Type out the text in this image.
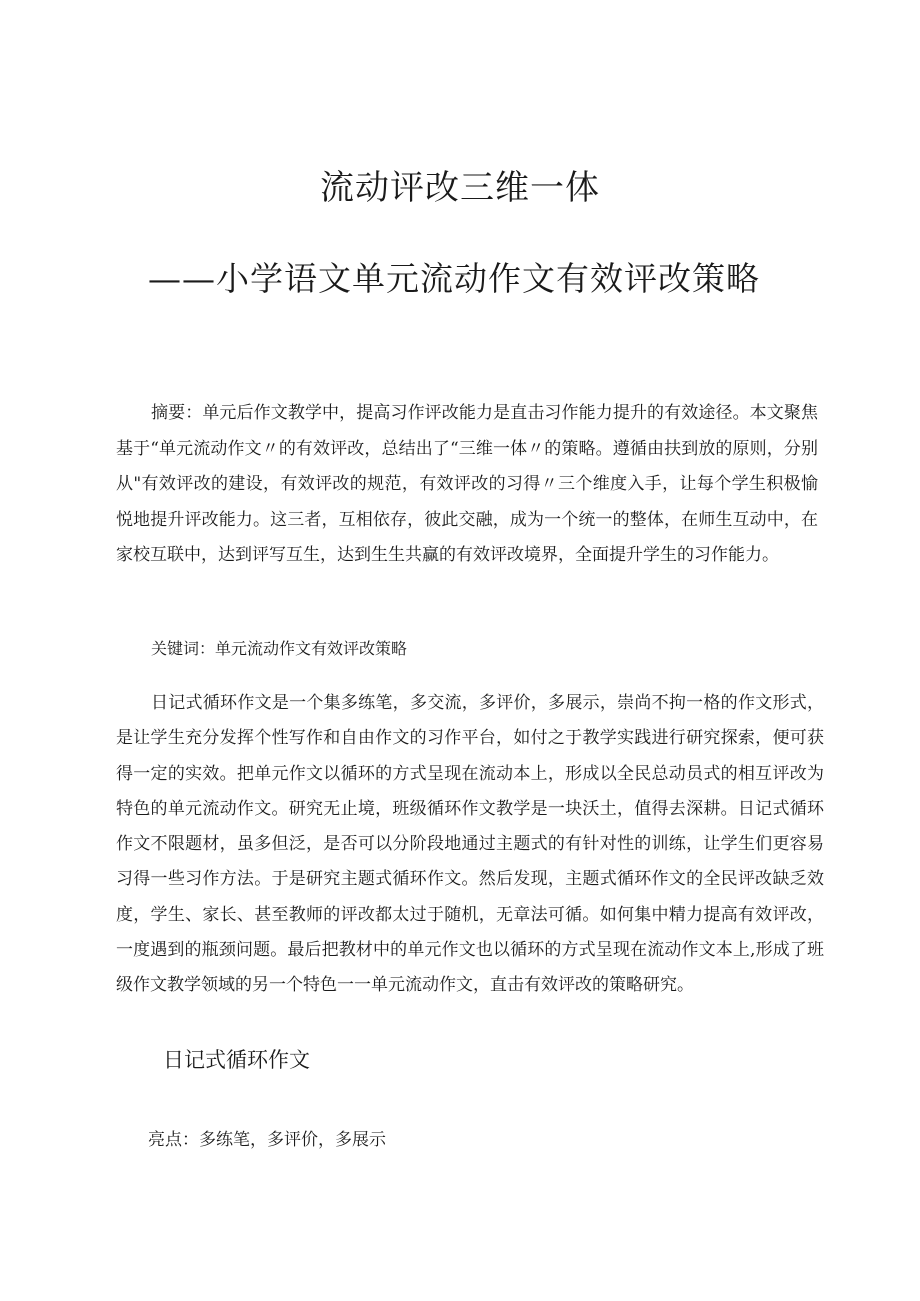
流动评改三维一体
——小学语文单元流动作文有效评改策略

摘要：单元后作文教学中，提高习作评改能力是直击习作能力提升的有效途径。本文聚焦基于“单元流动作文〃的有效评改，总结出了“三维一体〃的策略。遵循由扶到放的原则，分别从"有效评改的建设，有效评改的规范，有效评改的习得〃三个维度入手，让每个学生积极愉悦地提升评改能力。这三者，互相依存，彼此交融，成为一个统一的整体，在师生互动中，在家校互联中，达到评写互生，达到生生共赢的有效评改境界，全面提升学生的习作能力。

关键词：单元流动作文有效评改策略

日记式循环作文是一个集多练笔，多交流，多评价，多展示，崇尚不拘一格的作文形式，是让学生充分发挥个性写作和自由作文的习作平台，如付之于教学实践进行研究探索，便可获得一定的实效。把单元作文以循环的方式呈现在流动本上，形成以全民总动员式的相互评改为特色的单元流动作文。研究无止境，班级循环作文教学是一块沃土，值得去深耕。日记式循环作文不限题材，虽多但泛，是否可以分阶段地通过主题式的有针对性的训练，让学生们更容易习得一些习作方法。于是研究主题式循环作文。然后发现，主题式循环作文的全民评改缺乏效度，学生、家长、甚至教师的评改都太过于随机，无章法可循。如何集中精力提高有效评改，一度遇到的瓶颈问题。最后把教材中的单元作文也以循环的方式呈现在流动作文本上,形成了班级作文教学领域的另一个特色一一单元流动作文，直击有效评改的策略研究。

日记式循环作文

亮点：多练笔，多评价，多展示
